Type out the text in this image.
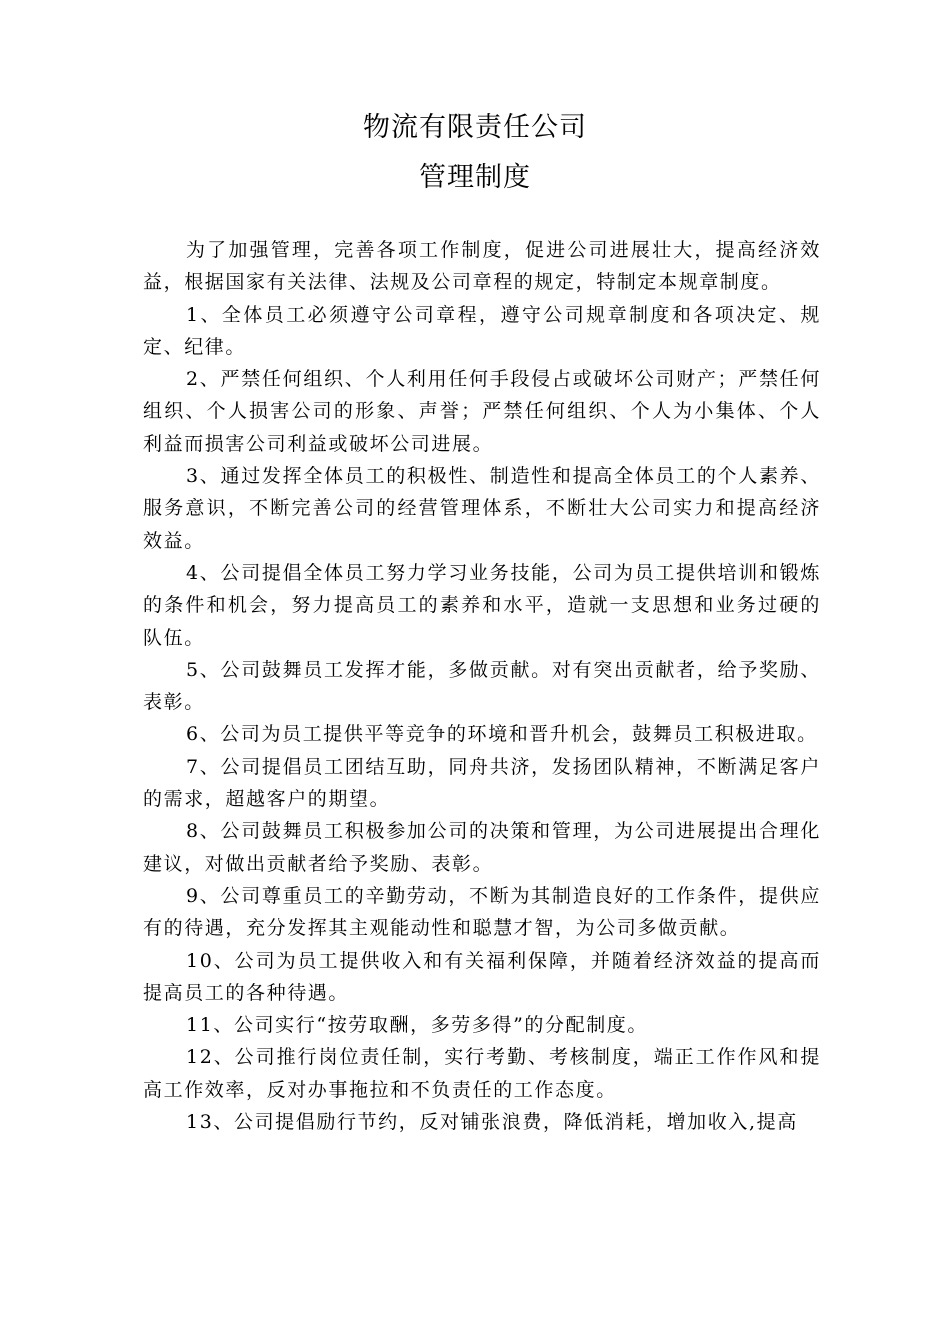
物流有限责任公司
管理制度

为了加强管理，完善各项工作制度，促进公司进展壮大，提高经济效益，根据国家有关法律、法规及公司章程的规定，特制定本规章制度。

1、全体员工必须遵守公司章程，遵守公司规章制度和各项决定、规定、纪律。

2、严禁任何组织、个人利用任何手段侵占或破坏公司财产；严禁任何组织、个人损害公司的形象、声誉；严禁任何组织、个人为小集体、个人利益而损害公司利益或破坏公司进展。

3、通过发挥全体员工的积极性、制造性和提高全体员工的个人素养、服务意识，不断完善公司的经营管理体系，不断壮大公司实力和提高经济效益。

4、公司提倡全体员工努力学习业务技能，公司为员工提供培训和锻炼的条件和机会，努力提高员工的素养和水平，造就一支思想和业务过硬的队伍。

5、公司鼓舞员工发挥才能，多做贡献。对有突出贡献者，给予奖励、表彰。

6、公司为员工提供平等竞争的环境和晋升机会，鼓舞员工积极进取。

7、公司提倡员工团结互助，同舟共济，发扬团队精神，不断满足客户的需求，超越客户的期望。

8、公司鼓舞员工积极参加公司的决策和管理，为公司进展提出合理化建议，对做出贡献者给予奖励、表彰。

9、公司尊重员工的辛勤劳动，不断为其制造良好的工作条件，提供应有的待遇，充分发挥其主观能动性和聪慧才智，为公司多做贡献。

10、公司为员工提供收入和有关福利保障，并随着经济效益的提高而提高员工的各种待遇。

11、公司实行“按劳取酬，多劳多得”的分配制度。

12、公司推行岗位责任制，实行考勤、考核制度，端正工作作风和提高工作效率，反对办事拖拉和不负责任的工作态度。

13、公司提倡励行节约，反对铺张浪费，降低消耗，增加收入,提高
